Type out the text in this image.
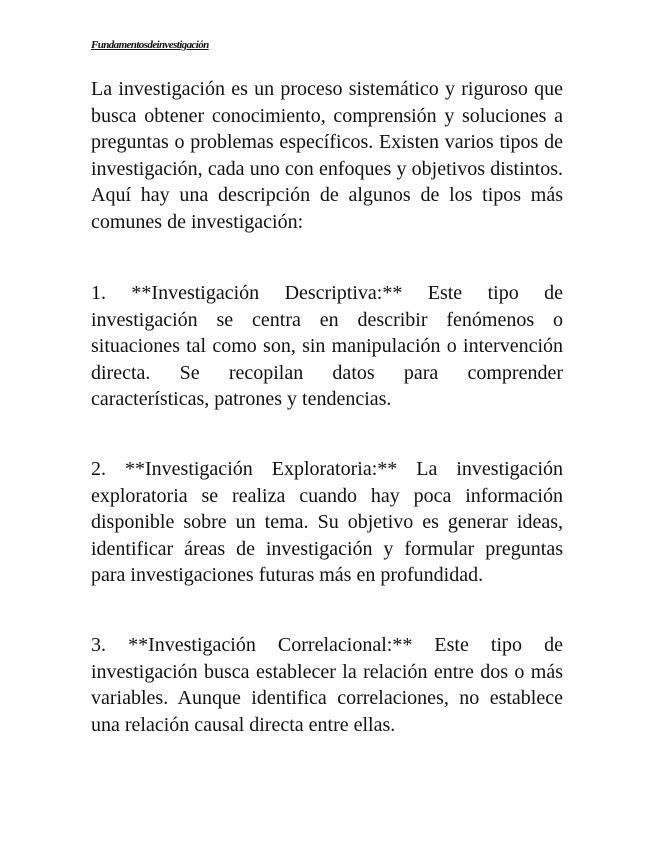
Fundamentosdeinvestigación

La investigación es un proceso sistemático y riguroso que busca obtener conocimiento, comprensión y soluciones a preguntas o problemas específicos. Existen varios tipos de investigación, cada uno con enfoques y objetivos distintos. Aquí hay una descripción de algunos de los tipos más comunes de investigación:

1. **Investigación Descriptiva:** Este tipo de investigación se centra en describir fenómenos o situaciones tal como son, sin manipulación o intervención directa. Se recopilan datos para comprender características, patrones y tendencias.

2. **Investigación Exploratoria:** La investigación exploratoria se realiza cuando hay poca información disponible sobre un tema. Su objetivo es generar ideas, identificar áreas de investigación y formular preguntas para investigaciones futuras más en profundidad.

3. **Investigación Correlacional:** Este tipo de investigación busca establecer la relación entre dos o más variables. Aunque identifica correlaciones, no establece una relación causal directa entre ellas.
